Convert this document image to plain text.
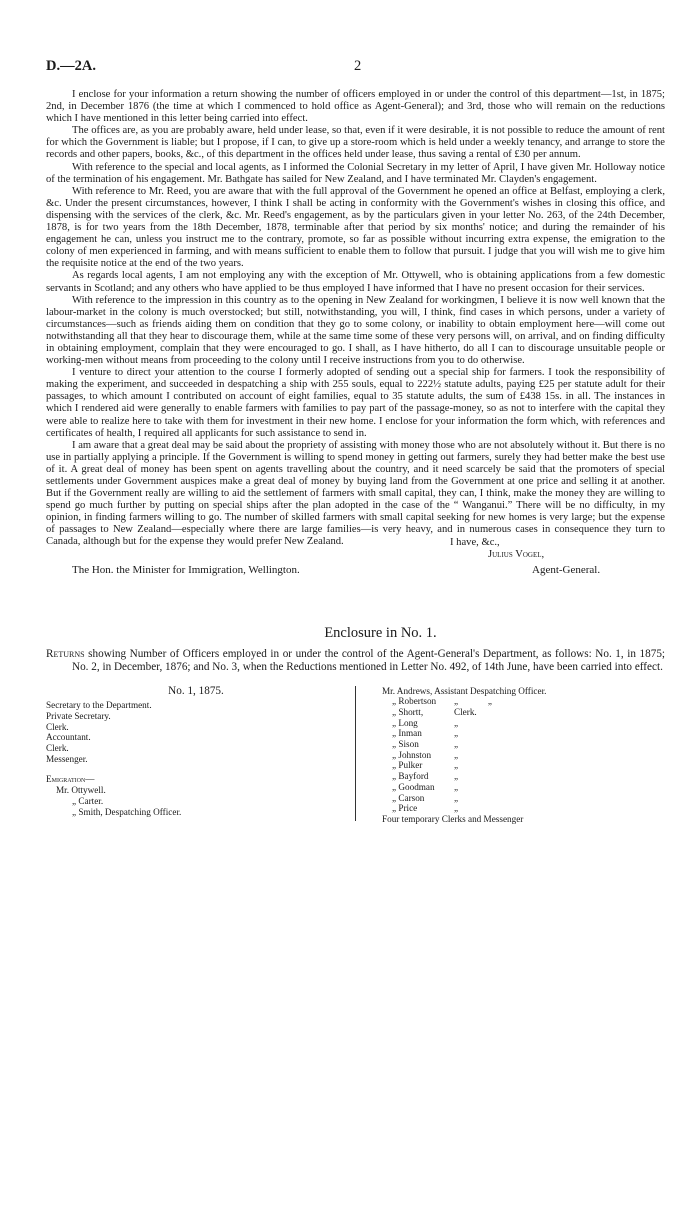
D.—2A.	2

I enclose for your information a return showing the number of officers employed in or under the control of this department—1st, in 1875; 2nd, in December 1876 (the time at which I commenced to hold office as Agent-General); and 3rd, those who will remain on the reductions which I have mentioned in this letter being carried into effect.

The offices are, as you are probably aware, held under lease, so that, even if it were desirable, it is not possible to reduce the amount of rent for which the Government is liable; but I propose, if I can, to give up a store-room which is held under a weekly tenancy, and arrange to store the records and other papers, books, &c., of this department in the offices held under lease, thus saving a rental of £30 per annum.

With reference to the special and local agents, as I informed the Colonial Secretary in my letter of April, I have given Mr. Holloway notice of the termination of his engagement. Mr. Bathgate has sailed for New Zealand, and I have terminated Mr. Clayden's engagement.

With reference to Mr. Reed, you are aware that with the full approval of the Government he opened an office at Belfast, employing a clerk, &c. Under the present circumstances, however, I think I shall be acting in conformity with the Government's wishes in closing this office, and dispensing with the services of the clerk, &c. Mr. Reed's engagement, as by the particulars given in your letter No. 263, of the 24th December, 1878, is for two years from the 18th December, 1878, terminable after that period by six months' notice; and during the remainder of his engagement he can, unless you instruct me to the contrary, promote, so far as possible without incurring extra expense, the emigration to the colony of men experienced in farming, and with means sufficient to enable them to follow that pursuit. I judge that you will wish me to give him the requisite notice at the end of the two years.

As regards local agents, I am not employing any with the exception of Mr. Ottywell, who is obtaining applications from a few domestic servants in Scotland; and any others who have applied to be thus employed I have informed that I have no present occasion for their services.

With reference to the impression in this country as to the opening in New Zealand for workingmen, I believe it is now well known that the labour-market in the colony is much overstocked; but still, notwithstanding, you will, I think, find cases in which persons, under a variety of circumstances—such as friends aiding them on condition that they go to some colony, or inability to obtain employment here—will come out notwithstanding all that they hear to discourage them, while at the same time some of these very persons will, on arrival, and on finding difficulty in obtaining employment, complain that they were encouraged to go. I shall, as I have hitherto, do all I can to discourage unsuitable people or working-men without means from proceeding to the colony until I receive instructions from you to do otherwise.

I venture to direct your attention to the course I formerly adopted of sending out a special ship for farmers. I took the responsibility of making the experiment, and succeeded in despatching a ship with 255 souls, equal to 222½ statute adults, paying £25 per statute adult for their passages, to which amount I contributed on account of eight families, equal to 35 statute adults, the sum of £438 15s. in all. The instances in which I rendered aid were generally to enable farmers with families to pay part of the passage-money, so as not to interfere with the capital they were able to realize here to take with them for investment in their new home. I enclose for your information the form which, with references and certificates of health, I required all applicants for such assistance to send in.

I am aware that a great deal may be said about the propriety of assisting with money those who are not absolutely without it. But there is no use in partially applying a principle. If the Government is willing to spend money in getting out farmers, surely they had better make the best use of it. A great deal of money has been spent on agents travelling about the country, and it need scarcely be said that the promoters of special settlements under Government auspices make a great deal of money by buying land from the Government at one price and selling it at another. But if the Government really are willing to aid the settlement of farmers with small capital, they can, I think, make the money they are willing to spend go much further by putting on special ships after the plan adopted in the case of the “ Wanganui.” There will be no difficulty, in my opinion, in finding farmers willing to go. The number of skilled farmers with small capital seeking for new homes is very large; but the expense of passages to New Zealand—especially where there are large families—is very heavy, and in numerous cases in consequence they turn to Canada, although but for the expense they would prefer New Zealand.	I have, &c.,
Julius Vogel,
The Hon. the Minister for Immigration, Wellington.	Agent-General.
Enclosure in No. 1.
Returns showing Number of Officers employed in or under the control of the Agent-General's Department, as follows: No. 1, in 1875; No. 2, in December, 1876; and No. 3, when the Reductions mentioned in Letter No. 492, of 14th June, have been carried into effect.
No. 1, 1875.
Secretary to the Department.
Private Secretary.
Clerk.
Accountant.
Clerk.
Messenger.
Emigration—
Mr. Ottywell.
„ Carter.
„ Smith, Despatching Officer.
Mr. Andrews, Assistant Despatching Officer.
„ Robertson „             „
„ Shortt,	Clerk.
„ Long	„
„ Inman	„
„ Sison	„
„ Johnston „
„ Pulker	„
„ Bayford	„
„ Goodman „
„ Carson	„
„ Price	„
Four temporary Clerks and Messenger
